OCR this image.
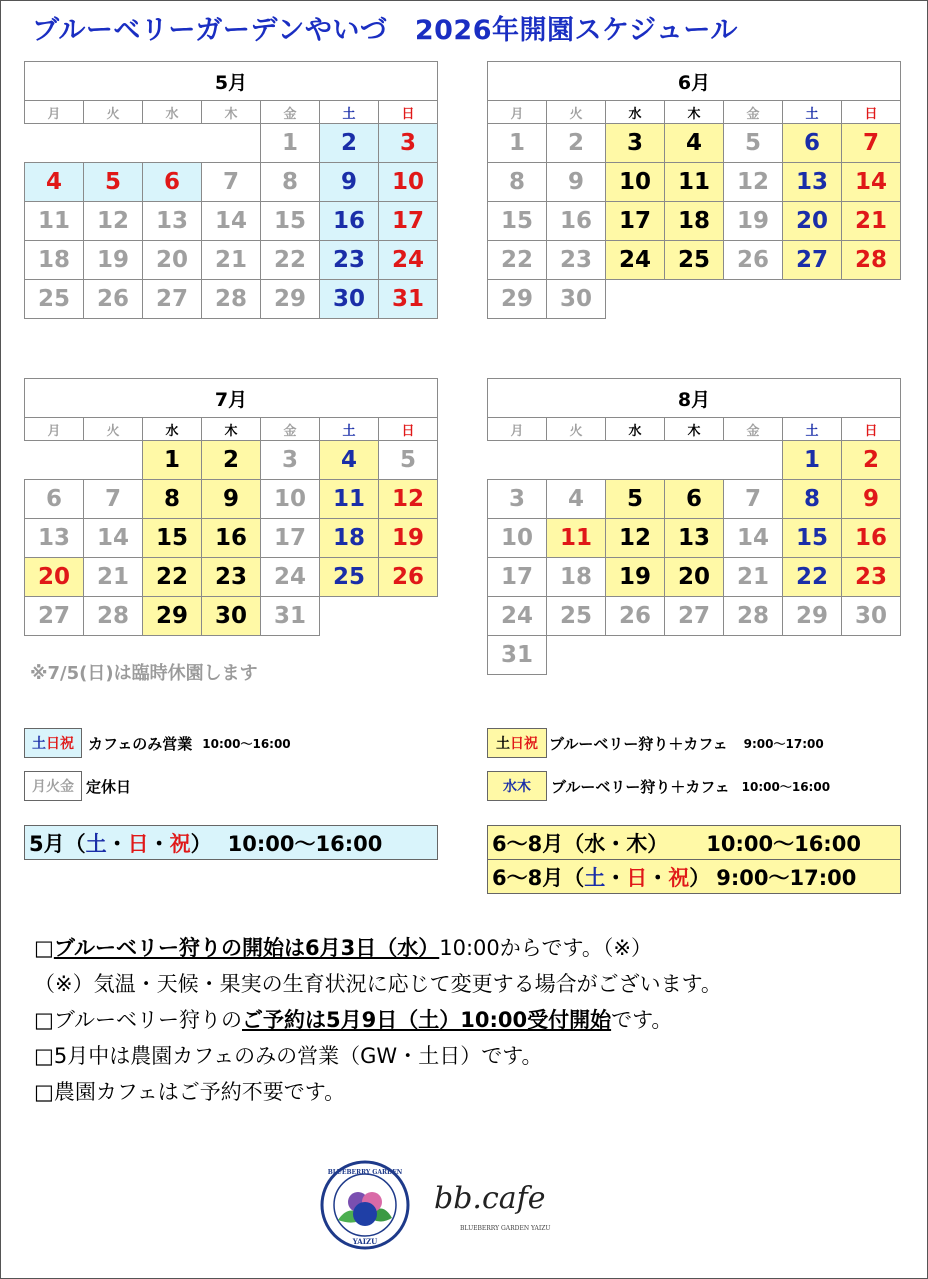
ブルーベリーガーデンやいづ　2026年開園スケジュール
5月						
月	火	水	木	金	土	日
				1	2	3
4	5	6	7	8	9	10
11	12	13	14	15	16	17
18	19	20	21	22	23	24
25	26	27	28	29	30	31
6月						
月	火	水	木	金	土	日
1	2	3	4	5	6	7
8	9	10	11	12	13	14
15	16	17	18	19	20	21
22	23	24	25	26	27	28
29	30					
7月						
月	火	水	木	金	土	日
		1	2	3	4	5
6	7	8	9	10	11	12
13	14	15	16	17	18	19
20	21	22	23	24	25	26
27	28	29	30	31		
8月						
月	火	水	木	金	土	日
					1	2
3	4	5	6	7	8	9
10	11	12	13	14	15	16
17	18	19	20	21	22	23
24	25	26	27	28	29	30
31						
※7/5(日)は臨時休園します
土 日 祝 カフェのみ営業 10:00～16:00
月火金 定休日
土 日 祝 ブルーベリー狩り＋カフェ 9:00～17:00
水木	ブルーベリー狩り＋カフェ 10:00～16:00
5月（ 土 ・ 日 ・ 祝 ） 10:00～16:00	6～8月（水・木） 10:00～16:00
6～8月（ 土 ・ 日 ・ 祝 ） 9:00～17:00
□ブルーベリー狩りの開始は6月3日（水）10:00からです。（※）
（※）気温・天候・果実の生育状況に応じて変更する場合がございます。
□ブルーベリー狩りのご予約は5月9日（土）10:00受付開始です。
□5月中は農園カフェのみの営業（GW・土日）です。
□農園カフェはご予約不要です。
BLUEBERRY GARDEN
YAIZU
bb.cafe
BLUEBERRY GARDEN YAIZU
